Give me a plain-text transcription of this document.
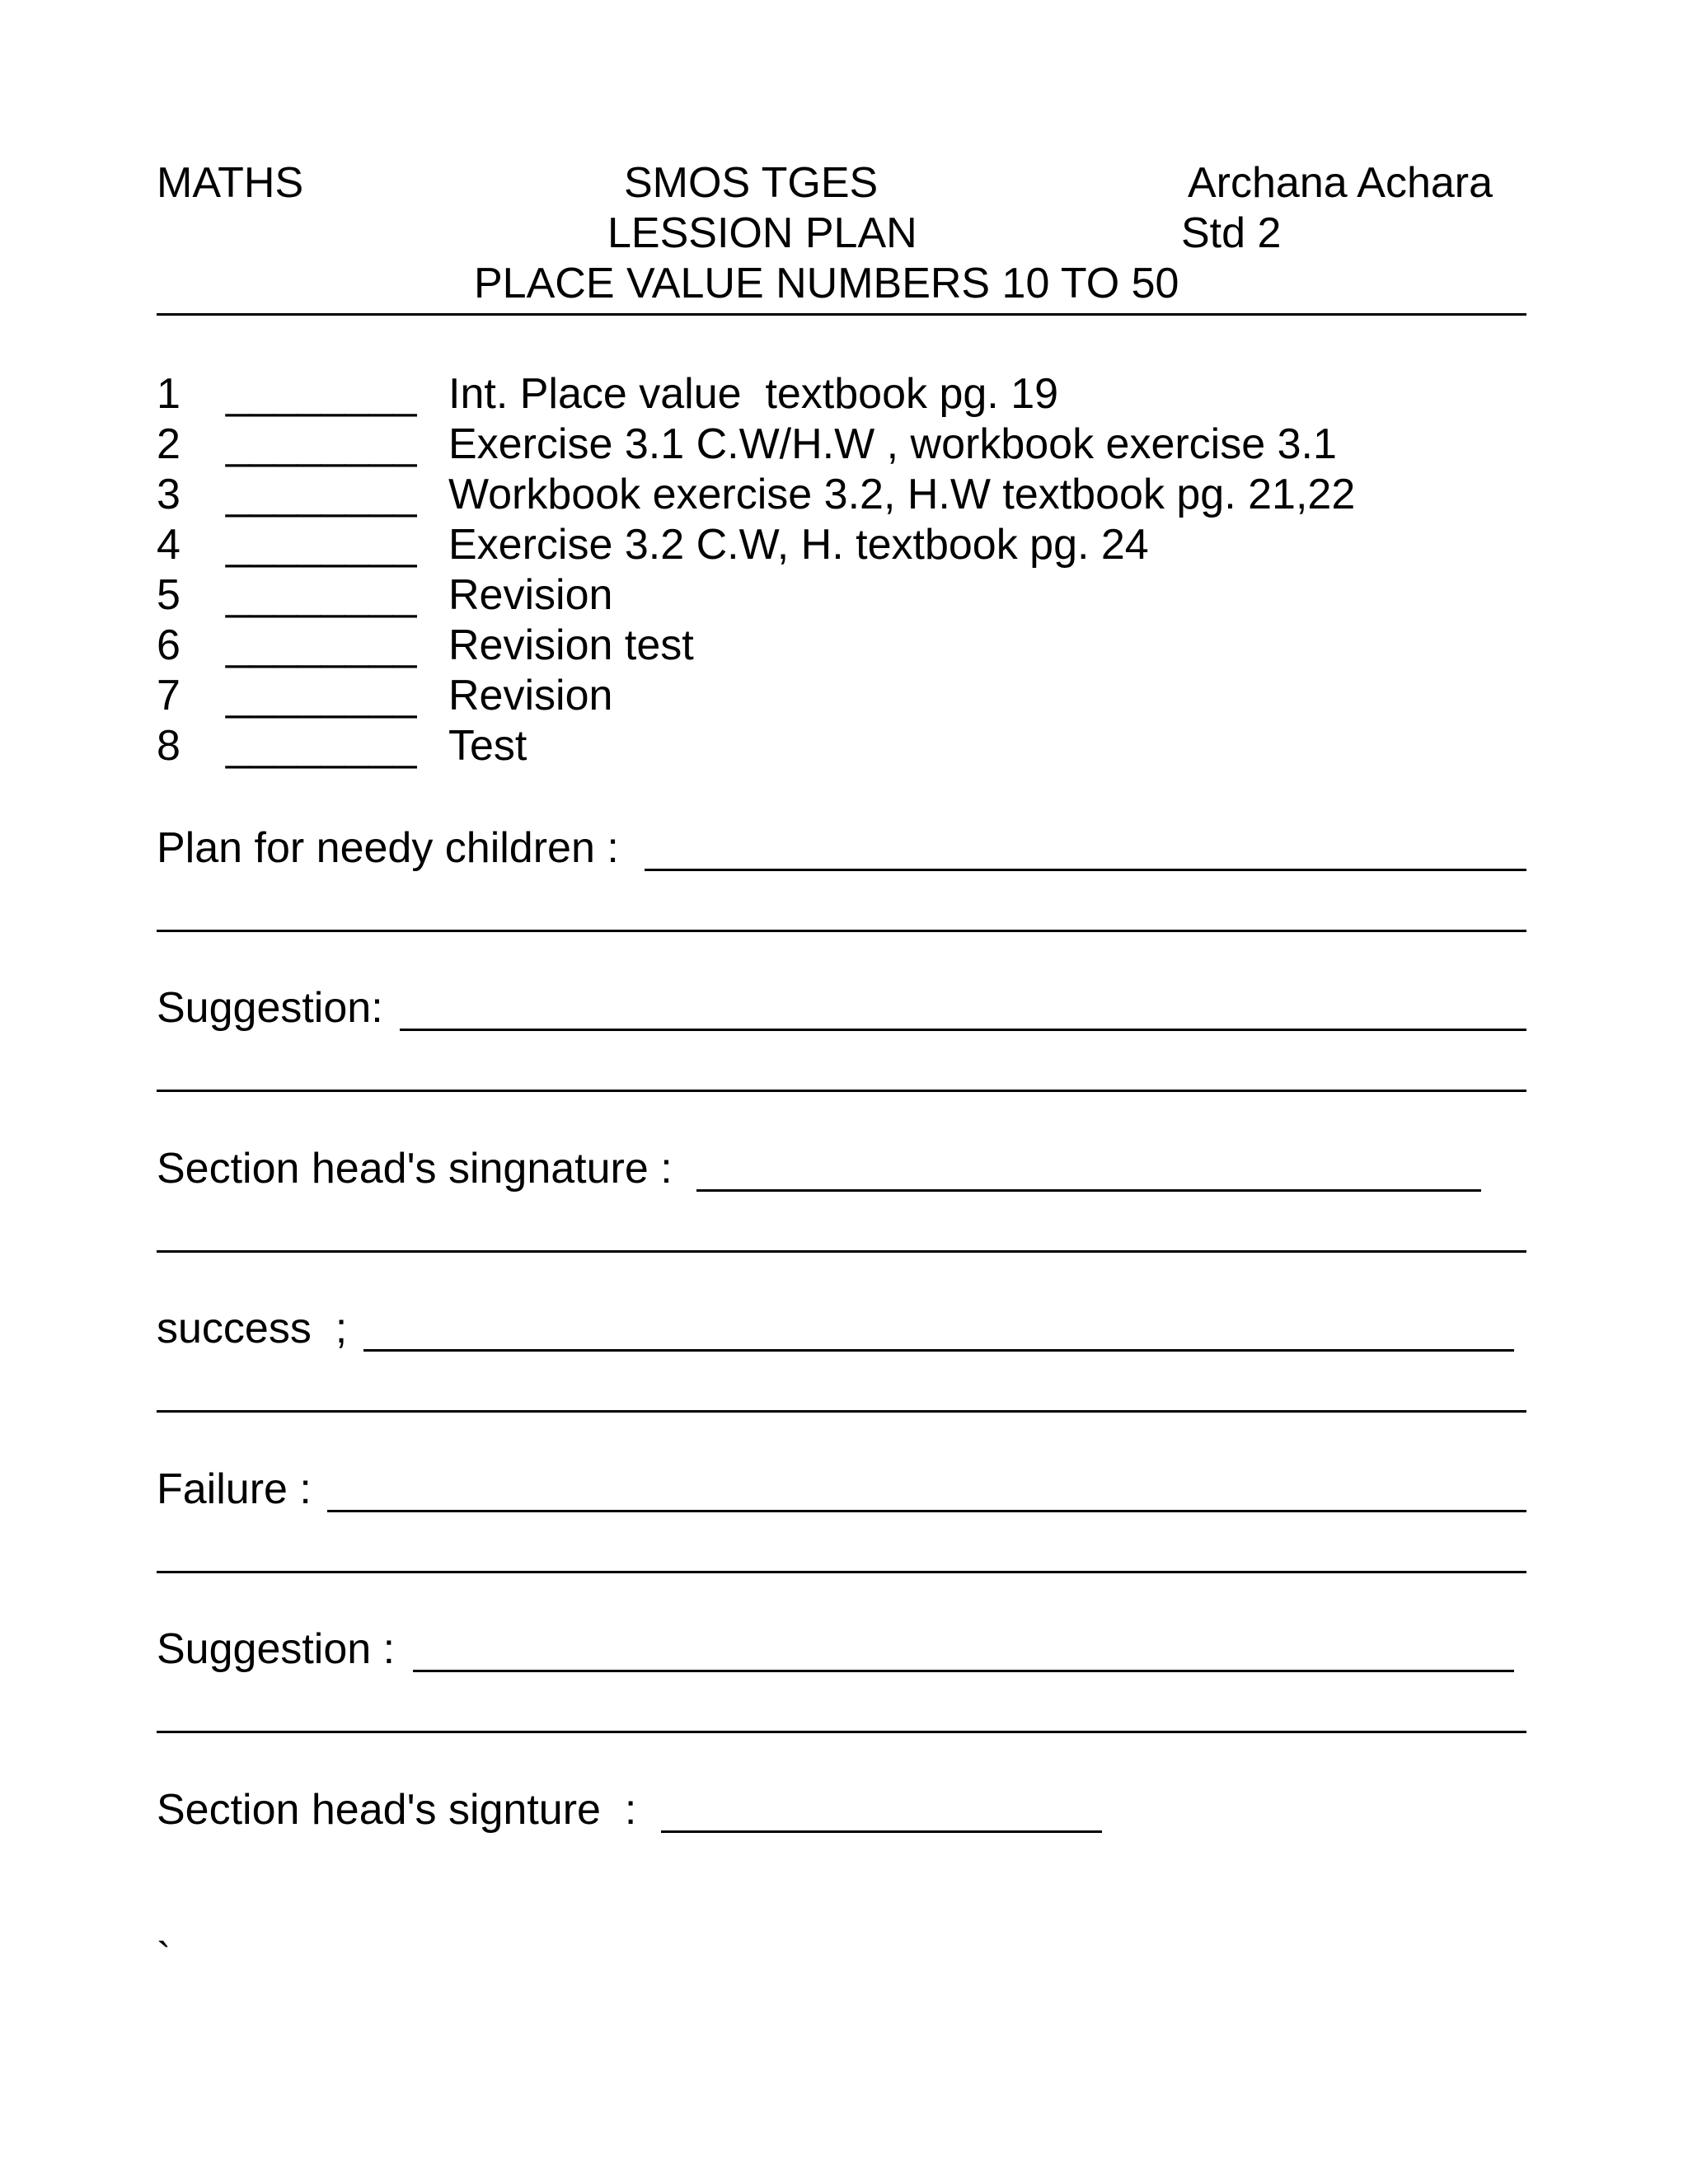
MATHS	SMOS TGES	Archana Achara
LESSION PLAN	Std 2
PLACE VALUE NUMBERS 10 TO 50
1 ________ Int. Place value  textbook pg. 19
2 ________ Exercise 3.1 C.W/H.W , workbook exercise 3.1
3 ________ Workbook exercise 3.2, H.W textbook pg. 21,22
4 ________ Exercise 3.2 C.W, H. textbook pg. 24
5 ________ Revision
6 ________ Revision test
7 ________ Revision
8 ________ Test
Plan for needy children :
Suggestion:
Section head's singnature :
success  ;
Failure :
Suggestion :
Section head's signture  :
`
